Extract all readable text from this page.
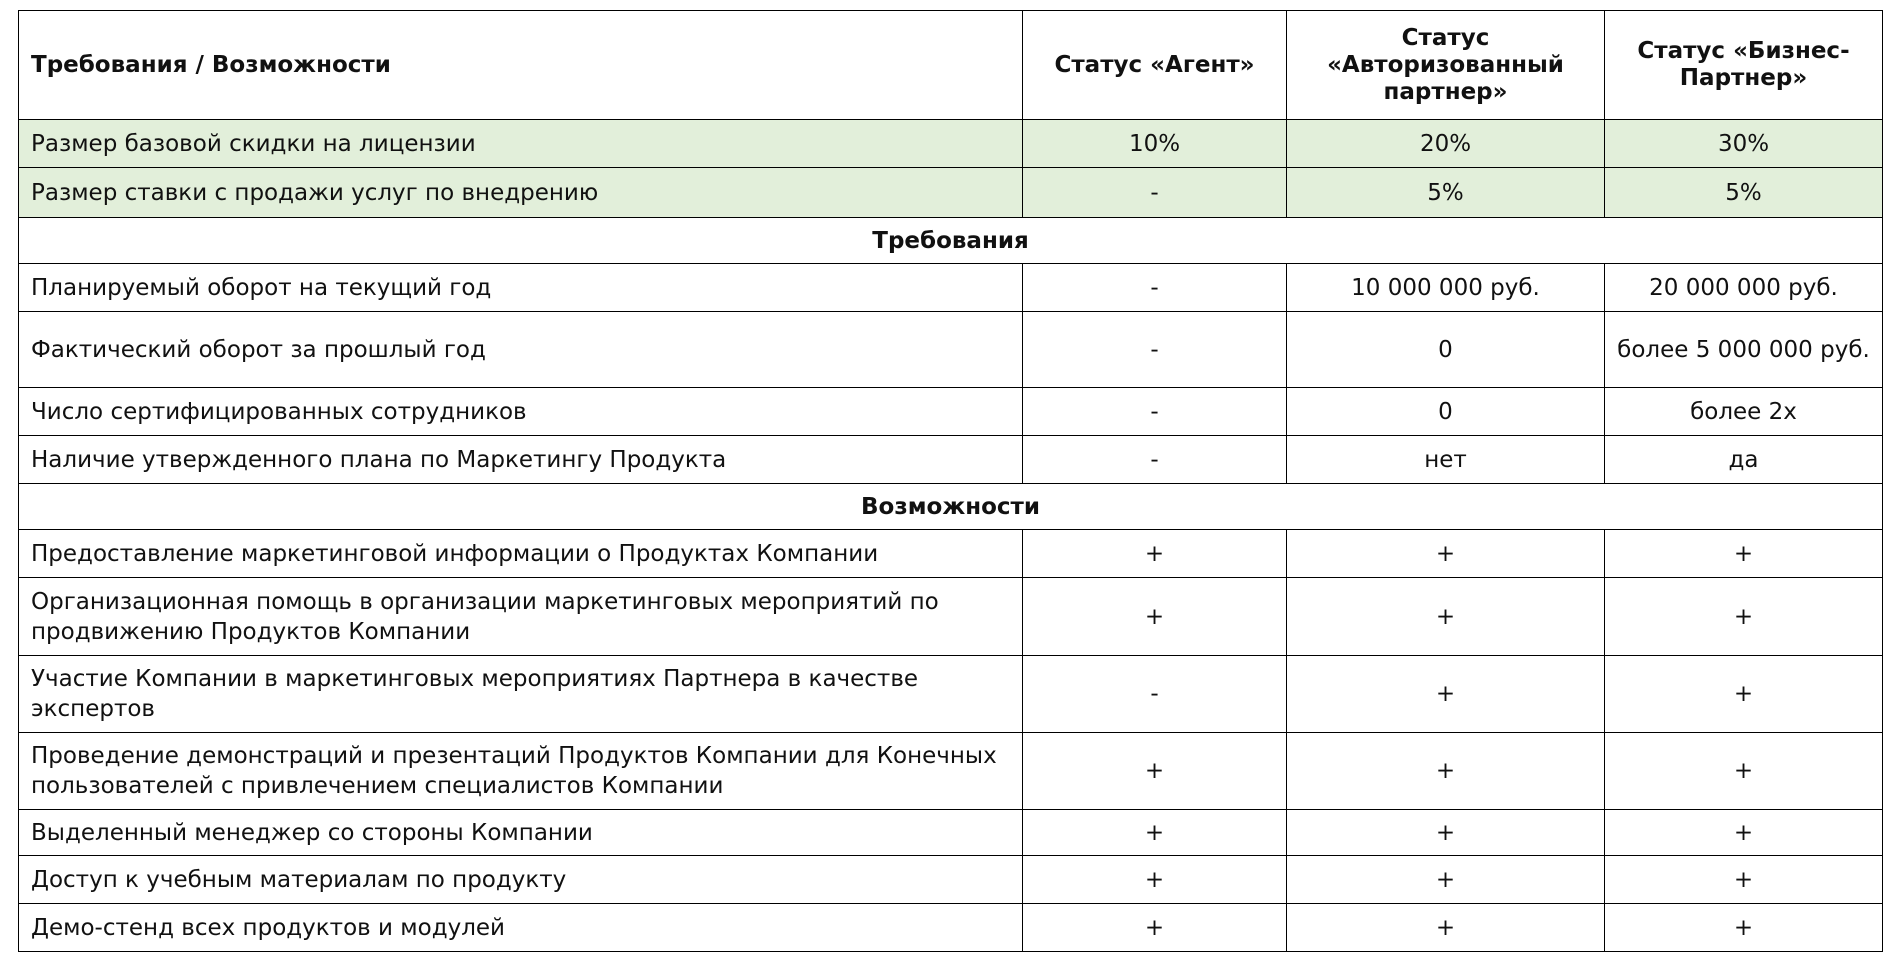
Требования / Возможности	Статус «Агент»	Статус «Авторизованный партнер»	Статус «Бизнес-Партнер»
Размер базовой скидки на лицензии	10%	20%	30%
Размер ставки с продажи услуг по внедрению	-	5%	5%
Требования			
Планируемый оборот на текущий год	-	10 000 000 руб.	20 000 000 руб.
Фактический оборот за прошлый год	-	0	более 5 000 000 руб.
Число сертифицированных сотрудников	-	0	более 2х
Наличие утвержденного плана по Маркетингу Продукта	-	нет	да
Возможности			
Предоставление маркетинговой информации о Продуктах Компании	+	+	+
Организационная помощь в организации маркетинговых мероприятий по продвижению Продуктов Компании	+	+	+
Участие Компании в маркетинговых мероприятиях Партнера в качестве экспертов	-	+	+
Проведение демонстраций и презентаций Продуктов Компании для Конечных пользователей с привлечением специалистов Компании	+	+	+
Выделенный менеджер со стороны Компании	+	+	+
Доступ к учебным материалам по продукту	+	+	+
Демо-стенд всех продуктов и модулей	+	+	+
